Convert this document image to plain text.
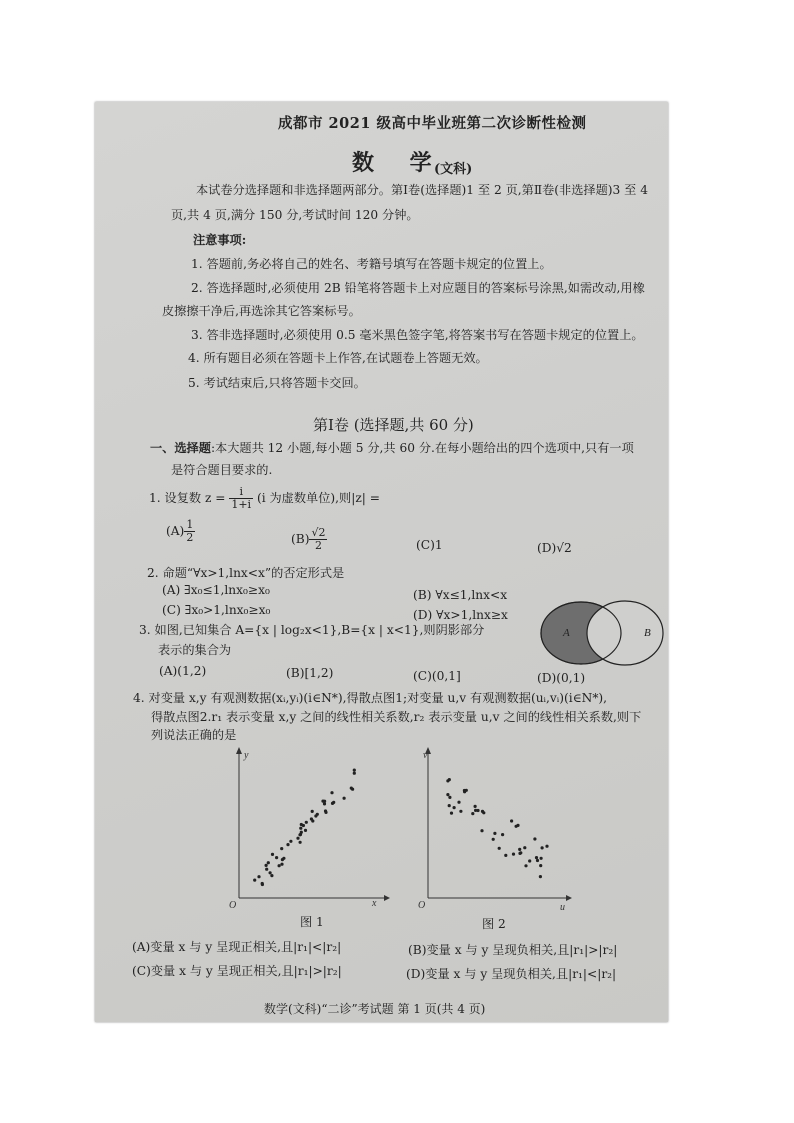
成都市 2021 级高中毕业班第二次诊断性检测
数 学
(文科)
本试卷分选择题和非选择题两部分。第Ⅰ卷(选择题)1 至 2 页,第Ⅱ卷(非选择题)3 至 4
页,共 4 页,满分 150 分,考试时间 120 分钟。
注意事项:
1. 答题前,务必将自己的姓名、考籍号填写在答题卡规定的位置上。
2. 答选择题时,必须使用 2B 铅笔将答题卡上对应题目的答案标号涂黑,如需改动,用橡
皮擦擦干净后,再选涂其它答案标号。
3. 答非选择题时,必须使用 0.5 毫米黑色签字笔,将答案书写在答题卡规定的位置上。
4. 所有题目必须在答题卡上作答,在试题卷上答题无效。
5. 考试结束后,只将答题卡交回。
第Ⅰ卷 (选择题,共 60 分)
一、选择题:本大题共 12 小题,每小题 5 分,共 60 分.在每小题给出的四个选项中,只有一项
是符合题目要求的.
1. 设复数 $z = \frac{i}{1+i} (i$ 为虚数单位),则|z| =
$(A) \frac{1}{2}$	$(B) \frac{√2}{2}$	(C)1	(D)√2
2. 命题“∀x>1,lnx<x”的否定形式是
(A) ∃x₀≤1,lnx₀≥x₀	(B) ∀x≤1,lnx<x
(C) ∃x₀>1,lnx₀≥x₀	(D) ∀x>1,lnx≥x
3. 如图,已知集合 A={x | log₂x<1},B={x | x<1},则阴影部分
表示的集合为
(A)(1,2)	(B)[1,2)	(C)(0,1]	(D)(0,1)
A	B
4. 对变量 x,y 有观测数据(xᵢ,yᵢ)(i∈N*),得散点图1;对变量 u,v 有观测数据(uᵢ,vᵢ)(i∈N*),
得散点图2.r₁ 表示变量 x,y 之间的线性相关系数,r₂ 表示变量 u,v 之间的线性相关系数,则下
列说法正确的是
O	x
y
图 1
O	u
v
图 2
(A)变量 x 与 y 呈现正相关,且|r₁|<|r₂|	(B)变量 x 与 y 呈现负相关,且|r₁|>|r₂|
(C)变量 x 与 y 呈现正相关,且|r₁|>|r₂|	(D)变量 x 与 y 呈现负相关,且|r₁|<|r₂|
数学(文科)“二诊”考试题 第 1 页(共 4 页)
